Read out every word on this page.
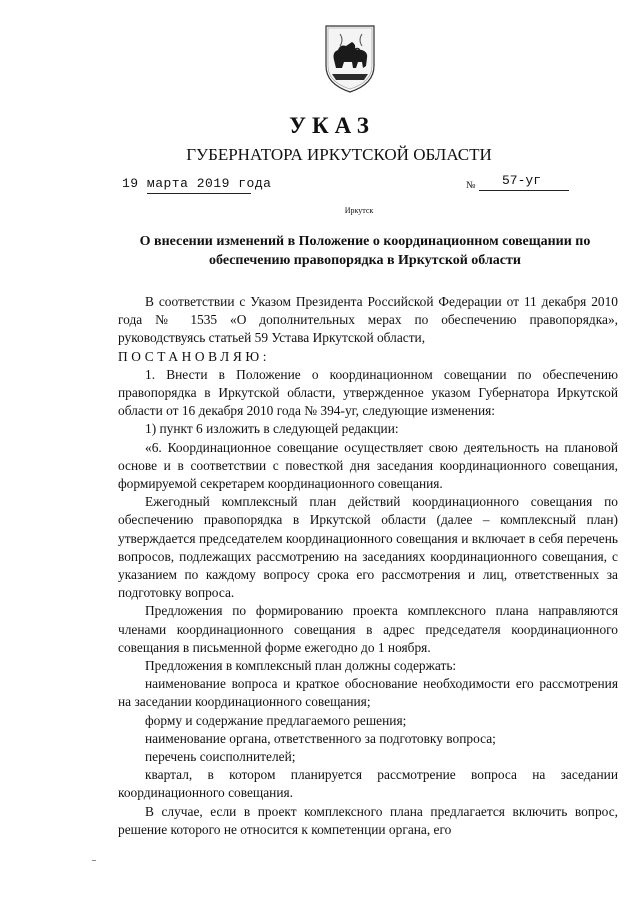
УКАЗ
ГУБЕРНАТОРА ИРКУТСКОЙ ОБЛАСТИ
19 марта 2019 года	№ 57-уг
Иркутск
О внесении изменений в Положение о координационном совещании по обеспечению правопорядка в Иркутской области

В соответствии с Указом Президента Российской Федерации от 11 декабря 2010 года № 1535 «О дополнительных мерах по обеспечению правопорядка», руководствуясь статьей 59 Устава Иркутской области,

ПОСТАНОВЛЯЮ:

1. Внести в Положение о координационном совещании по обеспечению правопорядка в Иркутской области, утвержденное указом Губернатора Иркутской области от 16 декабря 2010 года № 394-уг, следующие изменения:

1) пункт 6 изложить в следующей редакции:

«6. Координационное совещание осуществляет свою деятельность на плановой основе и в соответствии с повесткой дня заседания координационного совещания, формируемой секретарем координационного совещания.

Ежегодный комплексный план действий координационного совещания по обеспечению правопорядка в Иркутской области (далее – комплексный план) утверждается председателем координационного совещания и включает в себя перечень вопросов, подлежащих рассмотрению на заседаниях координационного совещания, с указанием по каждому вопросу срока его рассмотрения и лиц, ответственных за подготовку вопроса.

Предложения по формированию проекта комплексного плана направляются членами координационного совещания в адрес председателя координационного совещания в письменной форме ежегодно до 1 ноября.

Предложения в комплексный план должны содержать:

наименование вопроса и краткое обоснование необходимости его рассмотрения на заседании координационного совещания;

форму и содержание предлагаемого решения;

наименование органа, ответственного за подготовку вопроса;

перечень соисполнителей;

квартал, в котором планируется рассмотрение вопроса на заседании координационного совещания.

В случае, если в проект комплексного плана предлагается включить вопрос, решение которого не относится к компетенции органа, его
